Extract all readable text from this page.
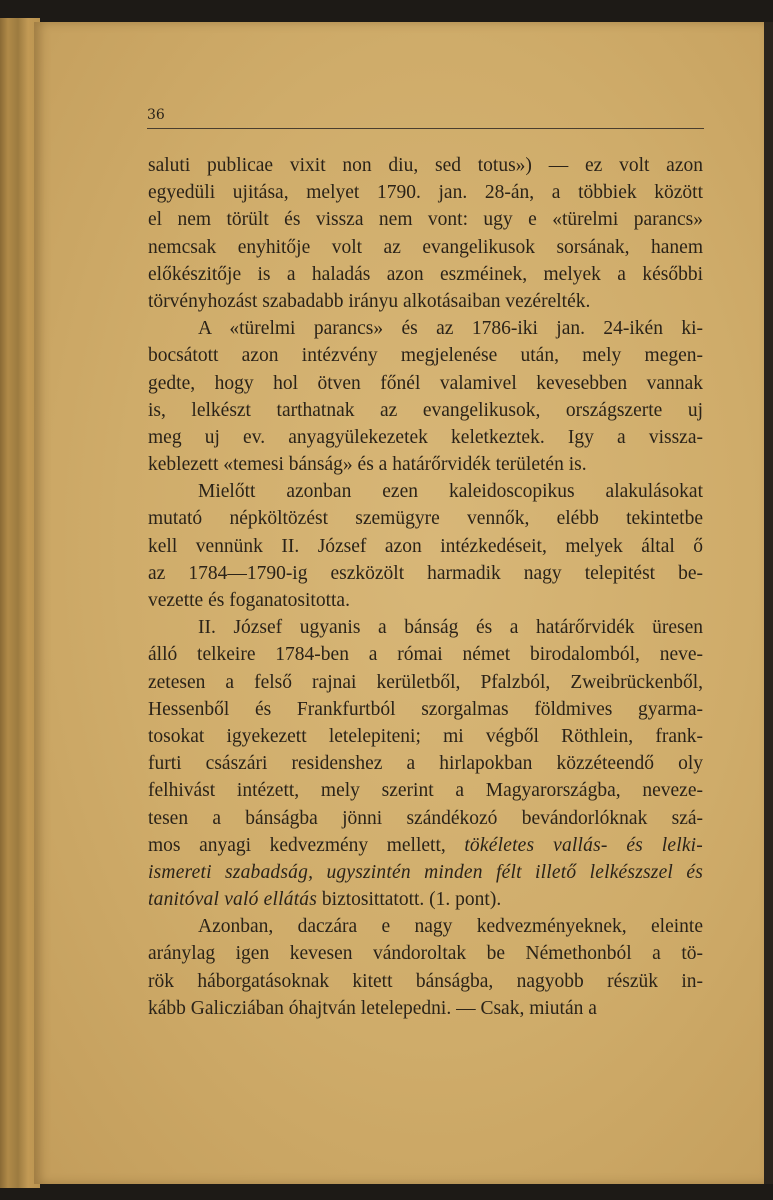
36
saluti publicae vixit non diu, sed totus») — ez volt azon
egyedüli ujitása, melyet 1790. jan. 28-án, a többiek között
el nem törült és vissza nem vont: ugy e «türelmi parancs»
nemcsak enyhitője volt az evangelikusok sorsának, hanem
előkészitője is a haladás azon eszméinek, melyek a későbbi
törvényhozást szabadabb irányu alkotásaiban vezérelték.
A «türelmi parancs» és az 1786-iki jan. 24-ikén ki-
bocsátott azon intézvény megjelenése után, mely megen-
gedte, hogy hol ötven főnél valamivel kevesebben vannak
is, lelkészt tarthatnak az evangelikusok, országszerte uj
meg uj ev. anyagyülekezetek keletkeztek. Igy a vissza-
keblezett «temesi bánság» és a határőrvidék területén is.
Mielőtt azonban ezen kaleidoscopikus alakulásokat
mutató népköltözést szemügyre vennők, elébb tekintetbe
kell vennünk II. József azon intézkedéseit, melyek által ő
az 1784—1790-ig eszközölt harmadik nagy telepitést be-
vezette és foganatositotta.
II. József ugyanis a bánság és a határőrvidék üresen
álló telkeire 1784-ben a római német birodalomból, neve-
zetesen a felső rajnai kerületből, Pfalzból, Zweibrückenből,
Hessenből és Frankfurtból szorgalmas földmives gyarma-
tosokat igyekezett letelepiteni; mi végből Röthlein, frank-
furti császári residenshez a hirlapokban közzéteendő oly
felhivást intézett, mely szerint a Magyarországba, neveze-
tesen a bánságba jönni szándékozó bevándorlóknak szá-
mos anyagi kedvezmény mellett, tökéletes vallás- és lelki-
ismereti szabadság, ugyszintén minden félt illető lelkészszel és
tanitóval való ellátás biztosittatott. (1. pont).
Azonban, daczára e nagy kedvezményeknek, eleinte
aránylag igen kevesen vándoroltak be Némethonból a tö-
rök háborgatásoknak kitett bánságba, nagyobb részük in-
kább Galicziában óhajtván letelepedni. — Csak, miután a
